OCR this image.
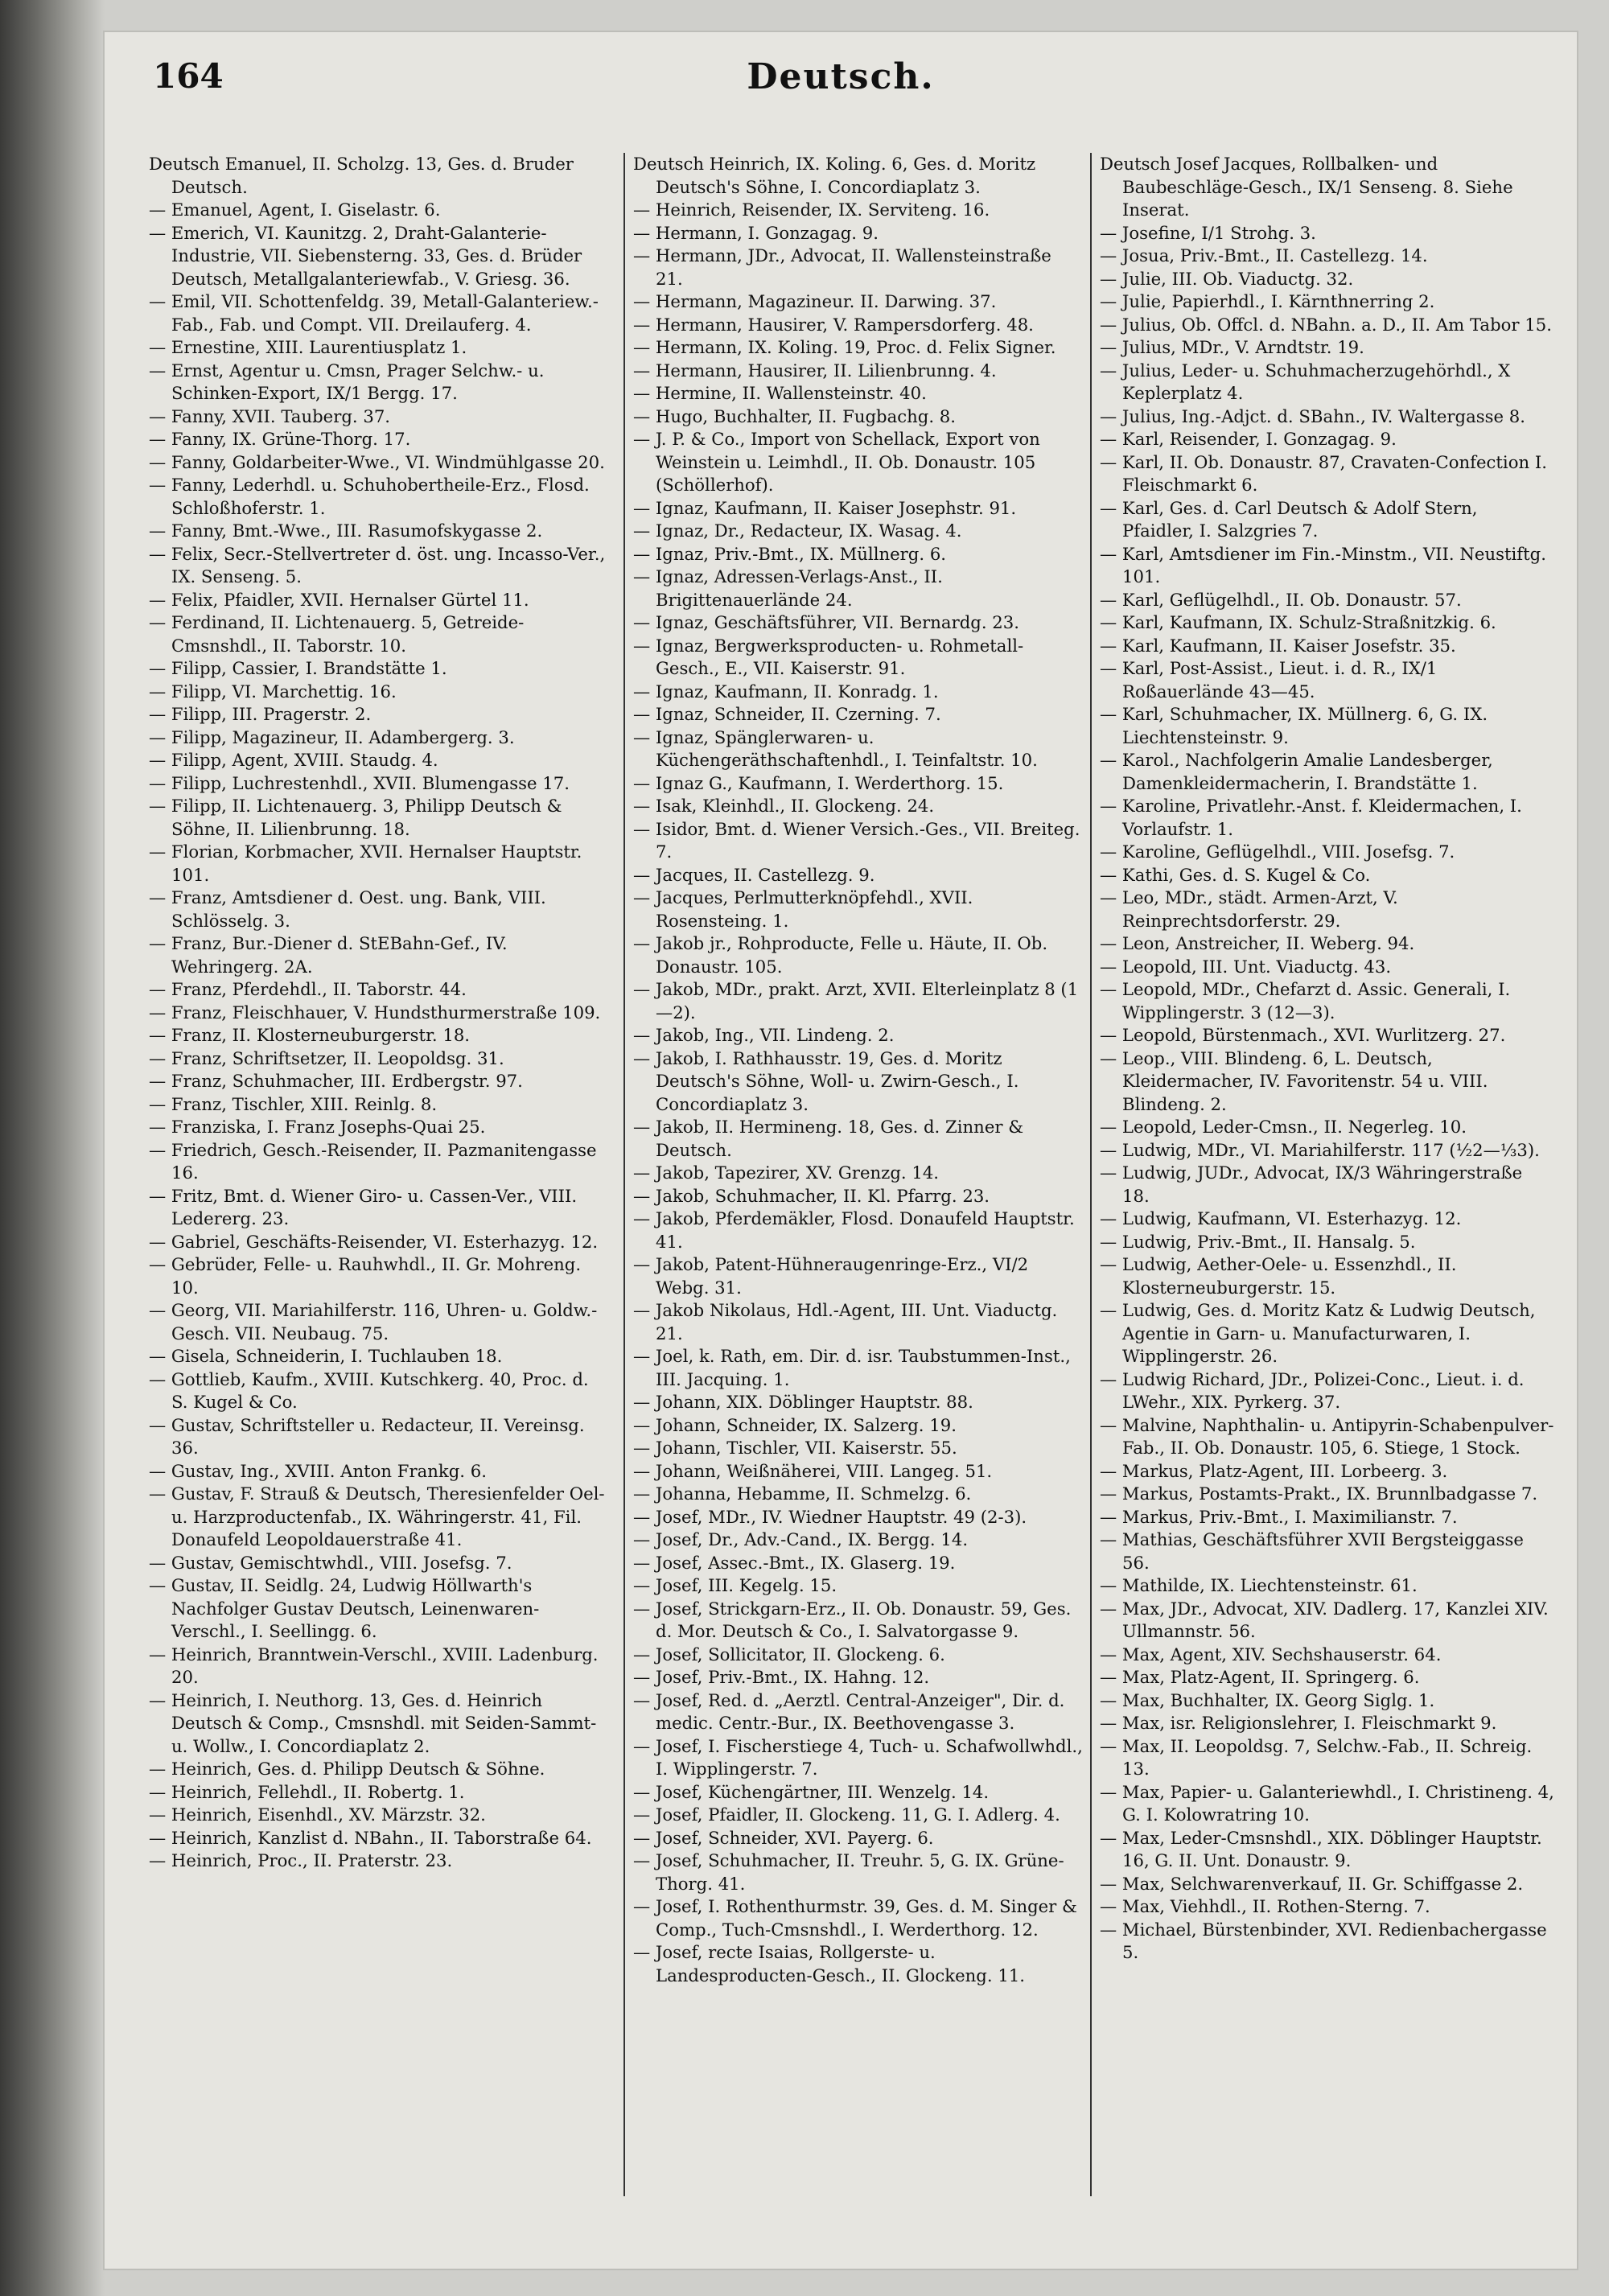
Deutsch.
164
Deutsch Emanuel, II. Scholzg. 13, Ges. d. Bruder Deutsch.
— Emanuel, Agent, I. Giselastr. 6.
— Emerich, VI. Kaunitzg. 2, Draht-Galanterie-Industrie, VII. Siebensterng. 33, Ges. d. Brüder Deutsch, Metallgalanteriewfab., V. Griesg. 36.
— Emil, VII. Schottenfeldg. 39, Metall-Galanteriew.-Fab., Fab. und Compt. VII. Dreilauferg. 4.
— Ernestine, XIII. Laurentiusplatz 1.
— Ernst, Agentur u. Cmsn, Prager Selchw.- u. Schinken-Export, IX/1 Bergg. 17.
— Fanny, XVII. Tauberg. 37.
— Fanny, IX. Grüne-Thorg. 17.
— Fanny, Goldarbeiter-Wwe., VI. Windmühlgasse 20.
— Fanny, Lederhdl. u. Schuhobertheile-Erz., Flosd. Schloßhoferstr. 1.
— Fanny, Bmt.-Wwe., III. Rasumofskygasse 2.
— Felix, Secr.-Stellvertreter d. öst. ung. Incasso-Ver., IX. Senseng. 5.
— Felix, Pfaidler, XVII. Hernalser Gürtel 11.
— Ferdinand, II. Lichtenauerg. 5, Getreide-Cmsnshdl., II. Taborstr. 10.
— Filipp, Cassier, I. Brandstätte 1.
— Filipp, VI. Marchettig. 16.
— Filipp, III. Pragerstr. 2.
— Filipp, Magazineur, II. Adambergerg. 3.
— Filipp, Agent, XVIII. Staudg. 4.
— Filipp, Luchrestenhdl., XVII. Blumengasse 17.
— Filipp, II. Lichtenauerg. 3, Philipp Deutsch & Söhne, II. Lilienbrunng. 18.
— Florian, Korbmacher, XVII. Hernalser Hauptstr. 101.
— Franz, Amtsdiener d. Oest. ung. Bank, VIII. Schlösselg. 3.
— Franz, Bur.-Diener d. StEBahn-Gef., IV. Wehringerg. 2A.
— Franz, Pferdehdl., II. Taborstr. 44.
— Franz, Fleischhauer, V. Hundsthurmerstraße 109.
— Franz, II. Klosterneuburgerstr. 18.
— Franz, Schriftsetzer, II. Leopoldsg. 31.
— Franz, Schuhmacher, III. Erdbergstr. 97.
— Franz, Tischler, XIII. Reinlg. 8.
— Franziska, I. Franz Josephs-Quai 25.
— Friedrich, Gesch.-Reisender, II. Pazmanitengasse 16.
— Fritz, Bmt. d. Wiener Giro- u. Cassen-Ver., VIII. Ledererg. 23.
— Gabriel, Geschäfts-Reisender, VI. Esterhazyg. 12.
— Gebrüder, Felle- u. Rauhwhdl., II. Gr. Mohreng. 10.
— Georg, VII. Mariahilferstr. 116, Uhren- u. Goldw.-Gesch. VII. Neubaug. 75.
— Gisela, Schneiderin, I. Tuchlauben 18.
— Gottlieb, Kaufm., XVIII. Kutschkerg. 40, Proc. d. S. Kugel & Co.
— Gustav, Schriftsteller u. Redacteur, II. Vereinsg. 36.
— Gustav, Ing., XVIII. Anton Frankg. 6.
— Gustav, F. Strauß & Deutsch, Theresienfelder Oel- u. Harzproductenfab., IX. Währingerstr. 41, Fil. Donaufeld Leopoldauerstraße 41.
— Gustav, Gemischtwhdl., VIII. Josefsg. 7.
— Gustav, II. Seidlg. 24, Ludwig Höllwarth's Nachfolger Gustav Deutsch, Leinenwaren-Verschl., I. Seellingg. 6.
— Heinrich, Branntwein-Verschl., XVIII. Ladenburg. 20.
— Heinrich, I. Neuthorg. 13, Ges. d. Heinrich Deutsch & Comp., Cmsnshdl. mit Seiden-Sammt- u. Wollw., I. Concordiaplatz 2.
— Heinrich, Ges. d. Philipp Deutsch & Söhne.
— Heinrich, Fellehdl., II. Robertg. 1.
— Heinrich, Eisenhdl., XV. Märzstr. 32.
— Heinrich, Kanzlist d. NBahn., II. Taborstraße 64.
— Heinrich, Proc., II. Praterstr. 23.
Deutsch Heinrich, IX. Koling. 6, Ges. d. Moritz Deutsch's Söhne, I. Concordiaplatz 3.
— Heinrich, Reisender, IX. Serviteng. 16.
— Hermann, I. Gonzagag. 9.
— Hermann, JDr., Advocat, II. Wallensteinstraße 21.
— Hermann, Magazineur. II. Darwing. 37.
— Hermann, Hausirer, V. Rampersdorferg. 48.
— Hermann, IX. Koling. 19, Proc. d. Felix Signer.
— Hermann, Hausirer, II. Lilienbrunng. 4.
— Hermine, II. Wallensteinstr. 40.
— Hugo, Buchhalter, II. Fugbachg. 8.
— J. P. & Co., Import von Schellack, Export von Weinstein u. Leimhdl., II. Ob. Donaustr. 105 (Schöllerhof).
— Ignaz, Kaufmann, II. Kaiser Josephstr. 91.
— Ignaz, Dr., Redacteur, IX. Wasag. 4.
— Ignaz, Priv.-Bmt., IX. Müllnerg. 6.
— Ignaz, Adressen-Verlags-Anst., II. Brigittenauerlände 24.
— Ignaz, Geschäftsführer, VII. Bernardg. 23.
— Ignaz, Bergwerksproducten- u. Rohmetall-Gesch., E., VII. Kaiserstr. 91.
— Ignaz, Kaufmann, II. Konradg. 1.
— Ignaz, Schneider, II. Czerning. 7.
— Ignaz, Spänglerwaren- u. Küchengeräthschaftenhdl., I. Teinfaltstr. 10.
— Ignaz G., Kaufmann, I. Werderthorg. 15.
— Isak, Kleinhdl., II. Glockeng. 24.
— Isidor, Bmt. d. Wiener Versich.-Ges., VII. Breiteg. 7.
— Jacques, II. Castellezg. 9.
— Jacques, Perlmutterknöpfehdl., XVII. Rosensteing. 1.
— Jakob jr., Rohproducte, Felle u. Häute, II. Ob. Donaustr. 105.
— Jakob, MDr., prakt. Arzt, XVII. Elterleinplatz 8 (1—2).
— Jakob, Ing., VII. Lindeng. 2.
— Jakob, I. Rathhausstr. 19, Ges. d. Moritz Deutsch's Söhne, Woll- u. Zwirn-Gesch., I. Concordiaplatz 3.
— Jakob, II. Hermineng. 18, Ges. d. Zinner & Deutsch.
— Jakob, Tapezirer, XV. Grenzg. 14.
— Jakob, Schuhmacher, II. Kl. Pfarrg. 23.
— Jakob, Pferdemäkler, Flosd. Donaufeld Hauptstr. 41.
— Jakob, Patent-Hühneraugenringe-Erz., VI/2 Webg. 31.
— Jakob Nikolaus, Hdl.-Agent, III. Unt. Viaductg. 21.
— Joel, k. Rath, em. Dir. d. isr. Taubstummen-Inst., III. Jacquing. 1.
— Johann, XIX. Döblinger Hauptstr. 88.
— Johann, Schneider, IX. Salzerg. 19.
— Johann, Tischler, VII. Kaiserstr. 55.
— Johann, Weißnäherei, VIII. Langeg. 51.
— Johanna, Hebamme, II. Schmelzg. 6.
— Josef, MDr., IV. Wiedner Hauptstr. 49 (2-3).
— Josef, Dr., Adv.-Cand., IX. Bergg. 14.
— Josef, Assec.-Bmt., IX. Glaserg. 19.
— Josef, III. Kegelg. 15.
— Josef, Strickgarn-Erz., II. Ob. Donaustr. 59, Ges. d. Mor. Deutsch & Co., I. Salvatorgasse 9.
— Josef, Sollicitator, II. Glockeng. 6.
— Josef, Priv.-Bmt., IX. Hahng. 12.
— Josef, Red. d. „Aerztl. Central-Anzeiger", Dir. d. medic. Centr.-Bur., IX. Beethovengasse 3.
— Josef, I. Fischerstiege 4, Tuch- u. Schafwollwhdl., I. Wipplingerstr. 7.
— Josef, Küchengärtner, III. Wenzelg. 14.
— Josef, Pfaidler, II. Glockeng. 11, G. I. Adlerg. 4.
— Josef, Schneider, XVI. Payerg. 6.
— Josef, Schuhmacher, II. Treuhr. 5, G. IX. Grüne-Thorg. 41.
— Josef, I. Rothenthurmstr. 39, Ges. d. M. Singer & Comp., Tuch-Cmsnshdl., I. Werderthorg. 12.
— Josef, recte Isaias, Rollgerste- u. Landesproducten-Gesch., II. Glockeng. 11.
Deutsch Josef Jacques, Rollbalken- und Baubeschläge-Gesch., IX/1 Senseng. 8. Siehe Inserat.
— Josefine, I/1 Strohg. 3.
— Josua, Priv.-Bmt., II. Castellezg. 14.
— Julie, III. Ob. Viaductg. 32.
— Julie, Papierhdl., I. Kärnthnerring 2.
— Julius, Ob. Offcl. d. NBahn. a. D., II. Am Tabor 15.
— Julius, MDr., V. Arndtstr. 19.
— Julius, Leder- u. Schuhmacherzugehörhdl., X Keplerplatz 4.
— Julius, Ing.-Adjct. d. SBahn., IV. Waltergasse 8.
— Karl, Reisender, I. Gonzagag. 9.
— Karl, II. Ob. Donaustr. 87, Cravaten-Confection I. Fleischmarkt 6.
— Karl, Ges. d. Carl Deutsch & Adolf Stern, Pfaidler, I. Salzgries 7.
— Karl, Amtsdiener im Fin.-Minstm., VII. Neustiftg. 101.
— Karl, Geflügelhdl., II. Ob. Donaustr. 57.
— Karl, Kaufmann, IX. Schulz-Straßnitzkig. 6.
— Karl, Kaufmann, II. Kaiser Josefstr. 35.
— Karl, Post-Assist., Lieut. i. d. R., IX/1 Roßauerlände 43—45.
— Karl, Schuhmacher, IX. Müllnerg. 6, G. IX. Liechtensteinstr. 9.
— Karol., Nachfolgerin Amalie Landesberger, Damenkleidermacherin, I. Brandstätte 1.
— Karoline, Privatlehr.-Anst. f. Kleidermachen, I. Vorlaufstr. 1.
— Karoline, Geflügelhdl., VIII. Josefsg. 7.
— Kathi, Ges. d. S. Kugel & Co.
— Leo, MDr., städt. Armen-Arzt, V. Reinprechtsdorferstr. 29.
— Leon, Anstreicher, II. Weberg. 94.
— Leopold, III. Unt. Viaductg. 43.
— Leopold, MDr., Chefarzt d. Assic. Generali, I. Wipplingerstr. 3 (12—3).
— Leopold, Bürstenmach., XVI. Wurlitzerg. 27.
— Leop., VIII. Blindeng. 6, L. Deutsch, Kleidermacher, IV. Favoritenstr. 54 u. VIII. Blindeng. 2.
— Leopold, Leder-Cmsn., II. Negerleg. 10.
— Ludwig, MDr., VI. Mariahilferstr. 117 (½2—⅓3).
— Ludwig, JUDr., Advocat, IX/3 Währingerstraße 18.
— Ludwig, Kaufmann, VI. Esterhazyg. 12.
— Ludwig, Priv.-Bmt., II. Hansalg. 5.
— Ludwig, Aether-Oele- u. Essenzhdl., II. Klosterneuburgerstr. 15.
— Ludwig, Ges. d. Moritz Katz & Ludwig Deutsch, Agentie in Garn- u. Manufacturwaren, I. Wipplingerstr. 26.
— Ludwig Richard, JDr., Polizei-Conc., Lieut. i. d. LWehr., XIX. Pyrkerg. 37.
— Malvine, Naphthalin- u. Antipyrin-Schabenpulver-Fab., II. Ob. Donaustr. 105, 6. Stiege, 1 Stock.
— Markus, Platz-Agent, III. Lorbeerg. 3.
— Markus, Postamts-Prakt., IX. Brunnlbadgasse 7.
— Markus, Priv.-Bmt., I. Maximilianstr. 7.
— Mathias, Geschäftsführer XVII Bergsteiggasse 56.
— Mathilde, IX. Liechtensteinstr. 61.
— Max, JDr., Advocat, XIV. Dadlerg. 17, Kanzlei XIV. Ullmannstr. 56.
— Max, Agent, XIV. Sechshauserstr. 64.
— Max, Platz-Agent, II. Springerg. 6.
— Max, Buchhalter, IX. Georg Siglg. 1.
— Max, isr. Religionslehrer, I. Fleischmarkt 9.
— Max, II. Leopoldsg. 7, Selchw.-Fab., II. Schreig. 13.
— Max, Papier- u. Galanteriewhdl., I. Christineng. 4, G. I. Kolowratring 10.
— Max, Leder-Cmsnshdl., XIX. Döblinger Hauptstr. 16, G. II. Unt. Donaustr. 9.
— Max, Selchwarenverkauf, II. Gr. Schiffgasse 2.
— Max, Viehhdl., II. Rothen-Sterng. 7.
— Michael, Bürstenbinder, XVI. Redienbachergasse 5.
